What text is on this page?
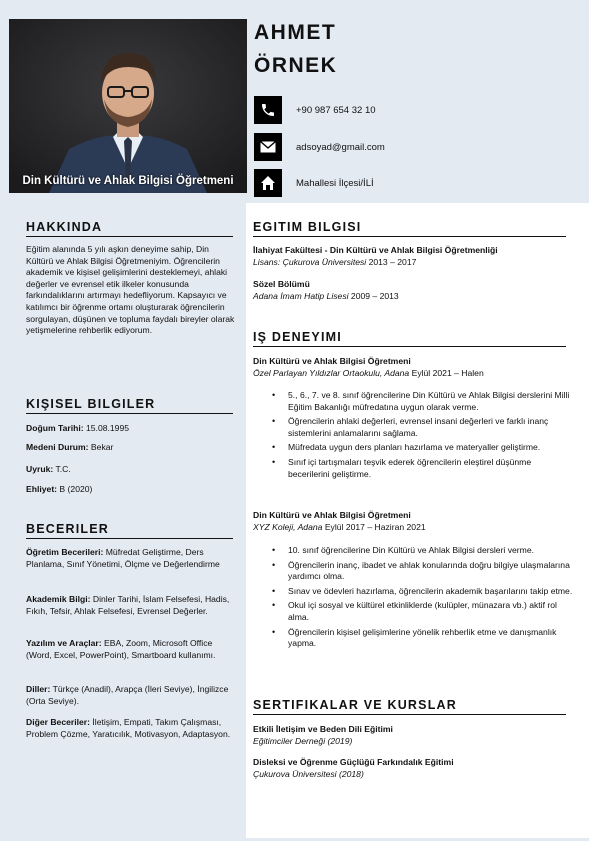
Din Kültürü ve Ahlak Bilgisi Öğretmeni
AHMET
ÖRNEK
+90 987 654 32 10
adsoyad@gmail.com
Mahallesi İlçesi/İLİ
HAKKINDA
Eğitim alanında 5 yılı aşkın deneyime sahip, Din Kültürü ve Ahlak Bilgisi Öğretmeniyim. Öğrencilerin akademik ve kişisel gelişimlerini desteklemeyi, ahlaki değerler ve evrensel etik ilkeler konusunda farkındalıklarını artırmayı hedefliyorum. Kapsayıcı ve katılımcı bir öğrenme ortamı oluşturarak öğrencilerin sorgulayan, düşünen ve topluma faydalı bireyler olarak yetişmelerine rehberlik ediyorum.
KIŞISEL BILGILER
Doğum Tarihi: 15.08.1995
Medeni Durum: Bekar
Uyruk: T.C.
Ehliyet: B (2020)
BECERILER
Öğretim Becerileri: Müfredat Geliştirme, Ders Planlama, Sınıf Yönetimi, Ölçme ve Değerlendirme
Akademik Bilgi: Dinler Tarihi, İslam Felsefesi, Hadis, Fıkıh, Tefsir, Ahlak Felsefesi, Evrensel Değerler.
Yazılım ve Araçlar: EBA, Zoom, Microsoft Office (Word, Excel, PowerPoint), Smartboard kullanımı.
Diller: Türkçe (Anadil), Arapça (İleri Seviye), İngilizce (Orta Seviye).
Diğer Beceriler: İletişim, Empati, Takım Çalışması, Problem Çözme, Yaratıcılık, Motivasyon, Adaptasyon.
EGITIM BILGISI
İlahiyat Fakültesi - Din Kültürü ve Ahlak Bilgisi Öğretmenliği
Lisans: Çukurova Üniversitesi 2013 – 2017
Sözel Bölümü
Adana İmam Hatip Lisesi 2009 – 2013
IŞ DENEYIMI
Din Kültürü ve Ahlak Bilgisi Öğretmeni
Özel Parlayan Yıldızlar Ortaokulu, Adana Eylül 2021 – Halen
• 5., 6., 7. ve 8. sınıf öğrencilerine Din Kültürü ve Ahlak Bilgisi derslerini Milli Eğitim Bakanlığı müfredatına uygun olarak verme.
• Öğrencilerin ahlaki değerleri, evrensel insani değerleri ve farklı inanç sistemlerini anlamalarını sağlama.
• Müfredata uygun ders planları hazırlama ve materyaller geliştirme.
• Sınıf içi tartışmaları teşvik ederek öğrencilerin eleştirel düşünme becerilerini geliştirme.
Din Kültürü ve Ahlak Bilgisi Öğretmeni
XYZ Koleji, Adana Eylül 2017 – Haziran 2021
• 10. sınıf öğrencilerine Din Kültürü ve Ahlak Bilgisi dersleri verme.
• Öğrencilerin inanç, ibadet ve ahlak konularında doğru bilgiye ulaşmalarına yardımcı olma.
• Sınav ve ödevleri hazırlama, öğrencilerin akademik başarılarını takip etme.
• Okul içi sosyal ve kültürel etkinliklerde (kulüpler, münazara vb.) aktif rol alma.
• Öğrencilerin kişisel gelişimlerine yönelik rehberlik etme ve danışmanlık yapma.
SERTIFIKALAR VE KURSLAR
Etkili İletişim ve Beden Dili Eğitimi
Eğitimciler Derneği (2019)
Disleksi ve Öğrenme Güçlüğü Farkındalık Eğitimi
Çukurova Üniversitesi (2018)
